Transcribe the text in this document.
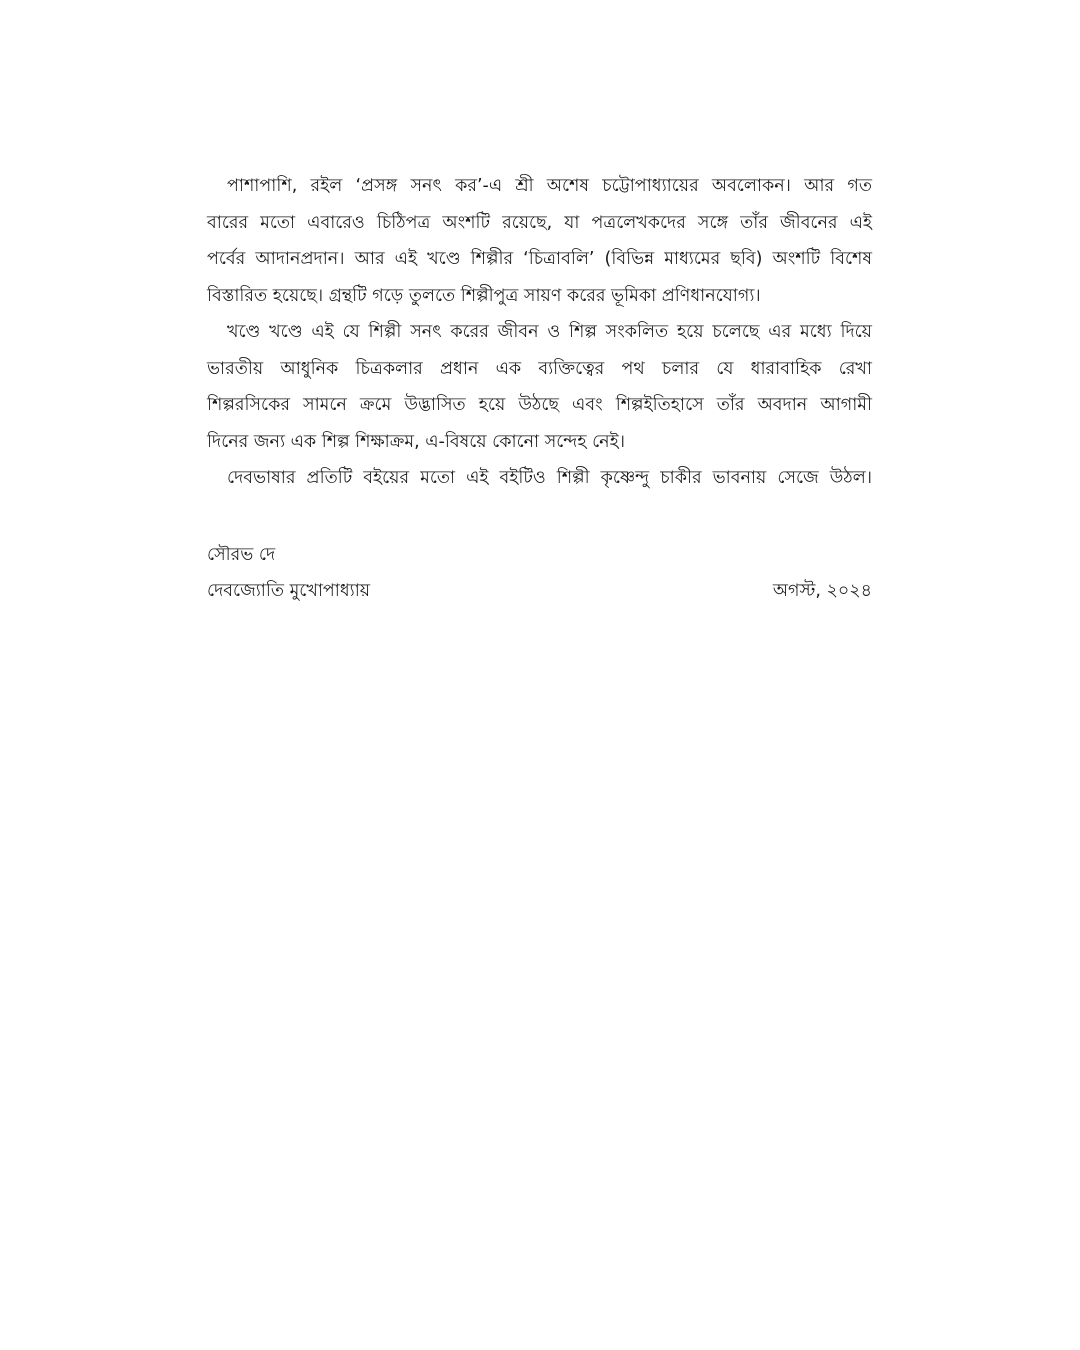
পাশাপাশি, রইল ‘প্রসঙ্গ সনৎ কর’-এ শ্রী অশেষ চট্টোপাধ্যায়ের অবলোকন। আর গত
বারের মতো এবারেও চিঠিপত্র অংশটি রয়েছে, যা পত্রলেখকদের সঙ্গে তাঁর জীবনের এই
পর্বের আদানপ্রদান। আর এই খণ্ডে শিল্পীর ‘চিত্রাবলি’ (বিভিন্ন মাধ্যমের ছবি) অংশটি বিশেষ
বিস্তারিত হয়েছে। গ্রন্থটি গড়ে তুলতে শিল্পীপুত্র সায়ণ করের ভূমিকা প্রণিধানযোগ্য।
খণ্ডে খণ্ডে এই যে শিল্পী সনৎ করের জীবন ও শিল্প সংকলিত হয়ে চলেছে এর মধ্যে দিয়ে
ভারতীয় আধুনিক চিত্রকলার প্রধান এক ব্যক্তিত্বের পথ চলার যে ধারাবাহিক রেখা
শিল্পরসিকের সামনে ক্রমে উদ্ভাসিত হয়ে উঠছে এবং শিল্পইতিহাসে তাঁর অবদান আগামী
দিনের জন্য এক শিল্প শিক্ষাক্রম, এ-বিষয়ে কোনো সন্দেহ নেই।
দেবভাষার প্রতিটি বইয়ের মতো এই বইটিও শিল্পী কৃষ্ণেন্দু চাকীর ভাবনায় সেজে উঠল।
সৌরভ দে
দেবজ্যোতি মুখোপাধ্যায়	অগস্ট, ২০২৪
